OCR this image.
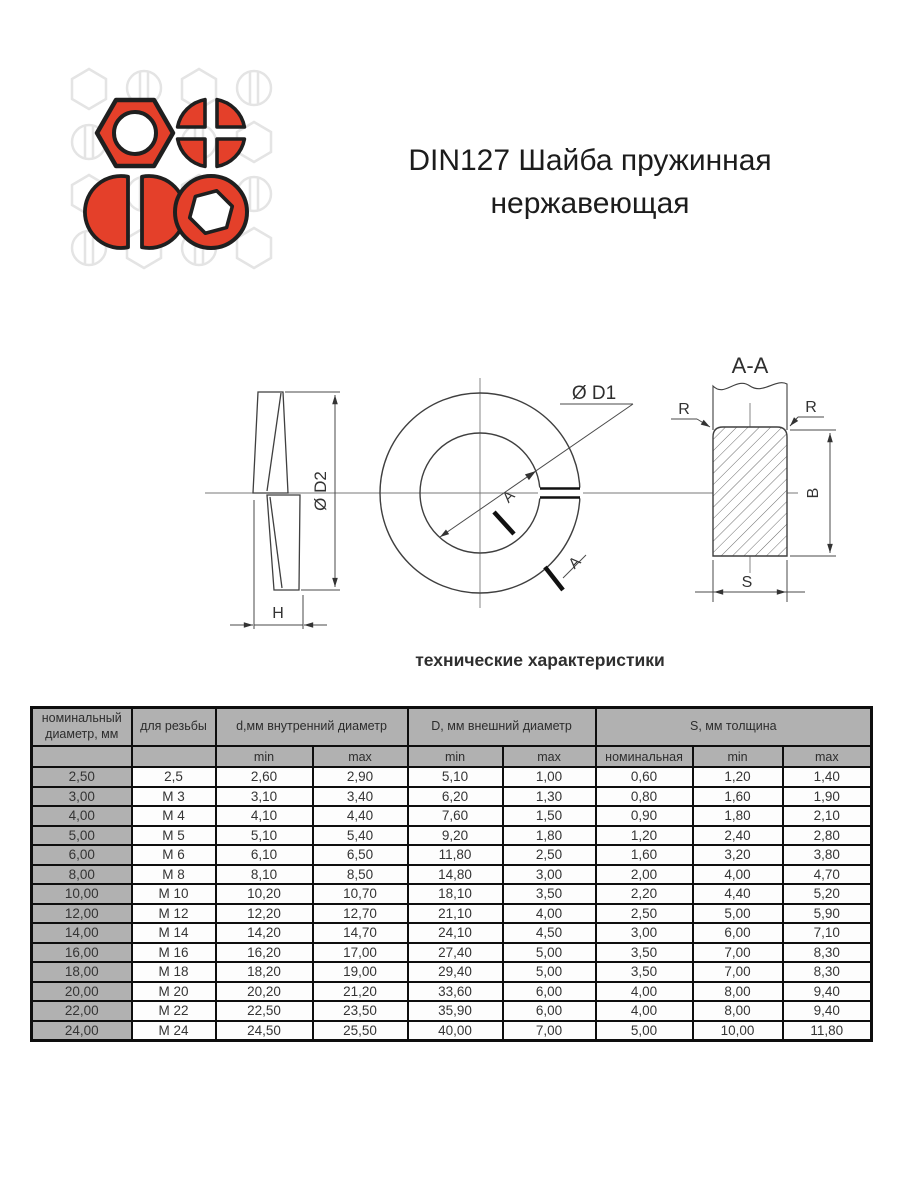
DIN127 Шайба пружинная
нержавеющая
Ø D2
H
Ø D1
A
A
A-A
R	R
B
S
технические характеристики
номинальный диаметр, мм	для резьбы	d,мм внутренний диаметр		D, мм внешний диаметр		S, мм толщина		
		min	max	min	max	номинальная	min	max
2,50	2,5	2,60	2,90	5,10	1,00	0,60	1,20	1,40
3,00	М 3	3,10	3,40	6,20	1,30	0,80	1,60	1,90
4,00	М 4	4,10	4,40	7,60	1,50	0,90	1,80	2,10
5,00	М 5	5,10	5,40	9,20	1,80	1,20	2,40	2,80
6,00	М 6	6,10	6,50	11,80	2,50	1,60	3,20	3,80
8,00	М 8	8,10	8,50	14,80	3,00	2,00	4,00	4,70
10,00	М 10	10,20	10,70	18,10	3,50	2,20	4,40	5,20
12,00	М 12	12,20	12,70	21,10	4,00	2,50	5,00	5,90
14,00	М 14	14,20	14,70	24,10	4,50	3,00	6,00	7,10
16,00	М 16	16,20	17,00	27,40	5,00	3,50	7,00	8,30
18,00	М 18	18,20	19,00	29,40	5,00	3,50	7,00	8,30
20,00	М 20	20,20	21,20	33,60	6,00	4,00	8,00	9,40
22,00	М 22	22,50	23,50	35,90	6,00	4,00	8,00	9,40
24,00	М 24	24,50	25,50	40,00	7,00	5,00	10,00	11,80
